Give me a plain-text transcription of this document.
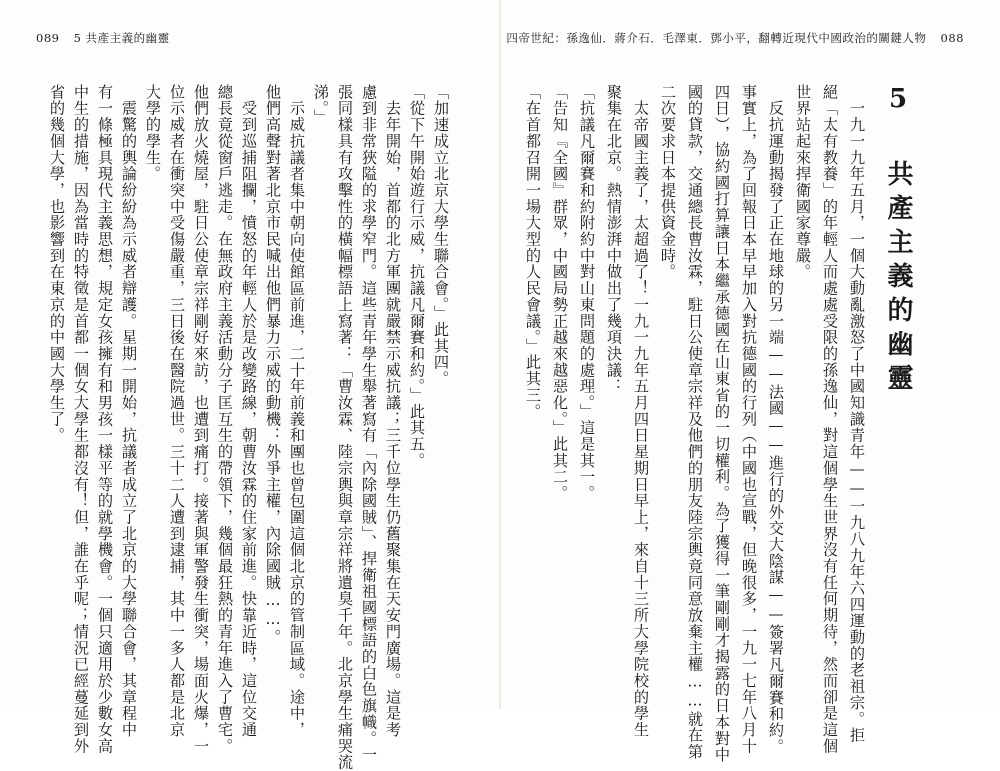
089 5 共產主義的幽靈	四帝世紀：孫逸仙．蔣介石．毛澤東．鄧小平，翻轉近現代中國政治的關鍵人物 088
5 共產主義的幽靈
　一九一九年五月，一個大動亂激怒了中國知識青年——一九八九年六四運動的老祖宗。拒
絕「太有教養」的年輕人而處處受限的孫逸仙，對這個學生世界沒有任何期待，然而卻是這個
世界站起來捍衛國家尊嚴。
　反抗運動揭發了正在地球的另一端——法國——進行的外交大陰謀——簽署凡爾賽和約。
事實上，為了回報日本早早加入對抗德國的行列（中國也宣戰，但晚很多，一九一七年八月十
四日），協約國打算讓日本繼承德國在山東省的一切權利。為了獲得一筆剛剛才揭露的日本對中
國的貸款，交通總長曹汝霖，駐日公使章宗祥及他們的朋友陸宗輿竟同意放棄主權……就在第
二次要求日本提供資金時。
　太帝國主義了，太超過了！一九一九年五月四日星期日早上，來自十三所大學院校的學生
聚集在北京。熱情澎湃中做出了幾項決議：
「抗議凡爾賽和約附約中對山東問題的處理。」這是其一。
「告知『全國』群眾，中國局勢正越來越惡化。」此其二。
「在首都召開一場大型的人民會議。」此其三。
「加速成立北京大學生聯合會。」此其四。
「從下午開始遊行示威，抗議凡爾賽和約。」此其五。
　去年開始，首都的北方軍團就嚴禁示威抗議；三千位學生仍舊聚集在天安門廣場。這是考
慮到非常狹隘的求學窄門。這些青年學生舉著寫有「內除國賊」、捍衛祖國標語的白色旗幟。一
張同樣具有攻擊性的橫幅標語上寫著：「曹汝霖、陸宗輿與章宗祥將遺臭千年。北京學生痛哭流
涕。」
　示威抗議者集中朝向使館區前進，二十年前義和團也曾包圍這個北京的管制區域。途中，
他們高聲對著北京市民喊出他們暴力示威的動機：外爭主權，內除國賊……。
　受到巡捕阻攔，憤怒的年輕人於是改變路線，朝曹汝霖的住家前進。快靠近時，這位交通
總長竟從窗戶逃走。在無政府主義活動分子匡互生的帶領下，幾個最狂熱的青年進入了曹宅。
他們放火燒屋，駐日公使章宗祥剛好來訪，也遭到痛打。接著與軍警發生衝突，場面火爆，一
位示威者在衝突中受傷嚴重，三日後在醫院過世。三十二人遭到逮捕，其中一多人都是北京
大學的學生。
　震驚的輿論紛紛為示威者辯護。星期一開始，抗議者成立了北京的大學聯合會，其章程中
有一條極具現代主義思想，規定女孩擁有和男孩一樣平等的就學機會。一個只適用於少數女高
中生的措施，因為當時的特徵是首都一個女大學生都沒有！但，誰在乎呢；情況已經蔓延到外
省的幾個大學，也影響到在東京的中國大學生了。
